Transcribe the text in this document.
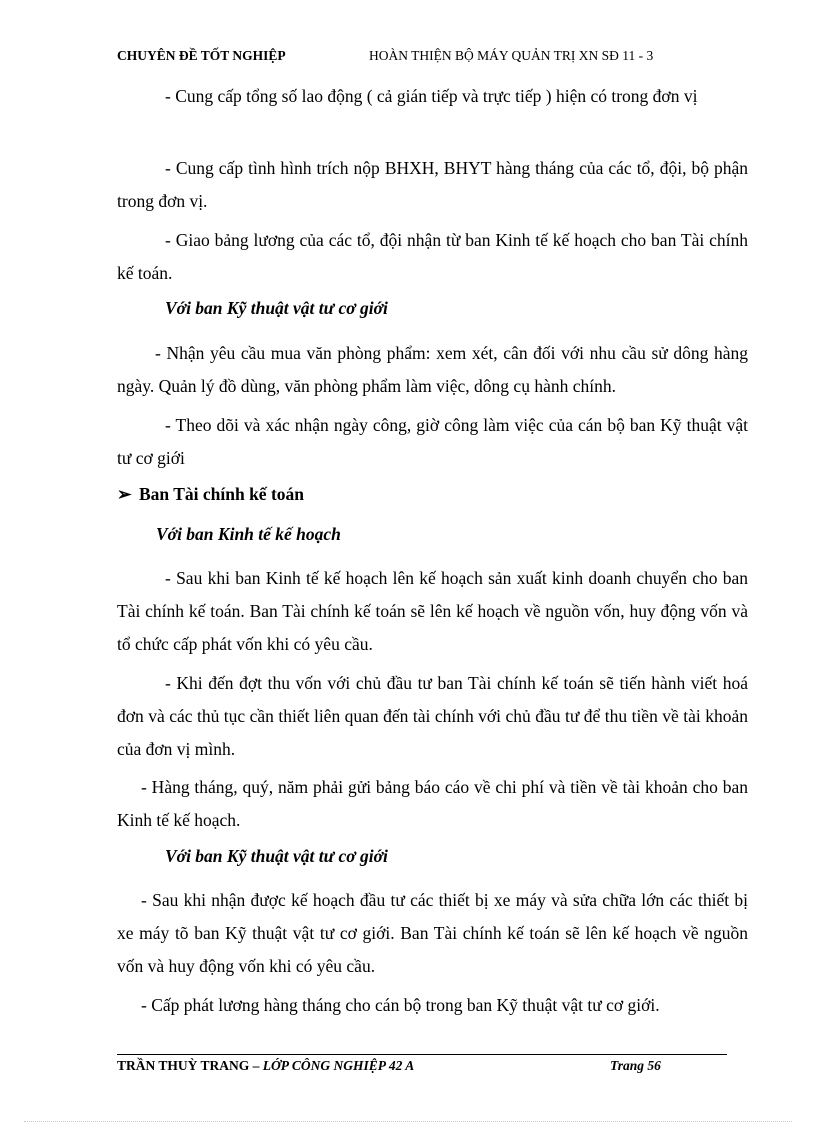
CHUYÊN ĐỀ TỐT NGHIỆP	HOÀN THIỆN BỘ MÁY QUẢN TRỊ XN SĐ 11 - 3
- Cung cấp tổng số lao động ( cả gián tiếp và trực tiếp ) hiện có trong đơn vị
- Cung cấp tình hình trích nộp BHXH, BHYT hàng tháng của các tổ, đội, bộ phận trong đơn vị.
- Giao bảng lương của các tổ, đội nhận từ ban Kinh tế kế hoạch cho ban Tài chính kế toán.
Với ban Kỹ thuật vật tư cơ giới
- Nhận yêu cầu mua văn phòng phẩm: xem xét, cân đối với nhu cầu sử dông hàng ngày. Quản lý đồ dùng, văn phòng phẩm làm việc, dông cụ hành chính.
- Theo dõi và xác nhận ngày công, giờ công làm việc của cán bộ ban Kỹ thuật vật tư cơ giới
➢ Ban Tài chính kế toán
Với ban Kinh tế kế hoạch
- Sau khi ban Kinh tế kế hoạch lên kế hoạch sản xuất kinh doanh chuyển cho ban Tài chính kế toán. Ban Tài chính kế toán sẽ lên kế hoạch về nguồn vốn, huy động vốn và tổ chức cấp phát vốn khi có yêu cầu.
- Khi đến đợt thu vốn với chủ đầu tư ban Tài chính kế toán sẽ tiến hành viết hoá đơn và các thủ tục cần thiết liên quan đến tài chính với chủ đầu tư để thu tiền về tài khoản của đơn vị mình.
- Hàng tháng, quý, năm phải gửi bảng báo cáo về chi phí và tiền về tài khoản cho ban Kinh tế kế hoạch.
Với ban Kỹ thuật vật tư cơ giới
- Sau khi nhận được kế hoạch đầu tư các thiết bị xe máy và sửa chữa lớn các thiết bị xe máy tõ ban Kỹ thuật vật tư cơ giới. Ban Tài chính kế toán sẽ lên kế hoạch về nguồn vốn và huy động vốn khi có yêu cầu.
- Cấp phát lương hàng tháng cho cán bộ trong ban Kỹ thuật vật tư cơ giới.
TRẦN THUỲ TRANG – LỚP CÔNG NGHIỆP 42 A	Trang 56
